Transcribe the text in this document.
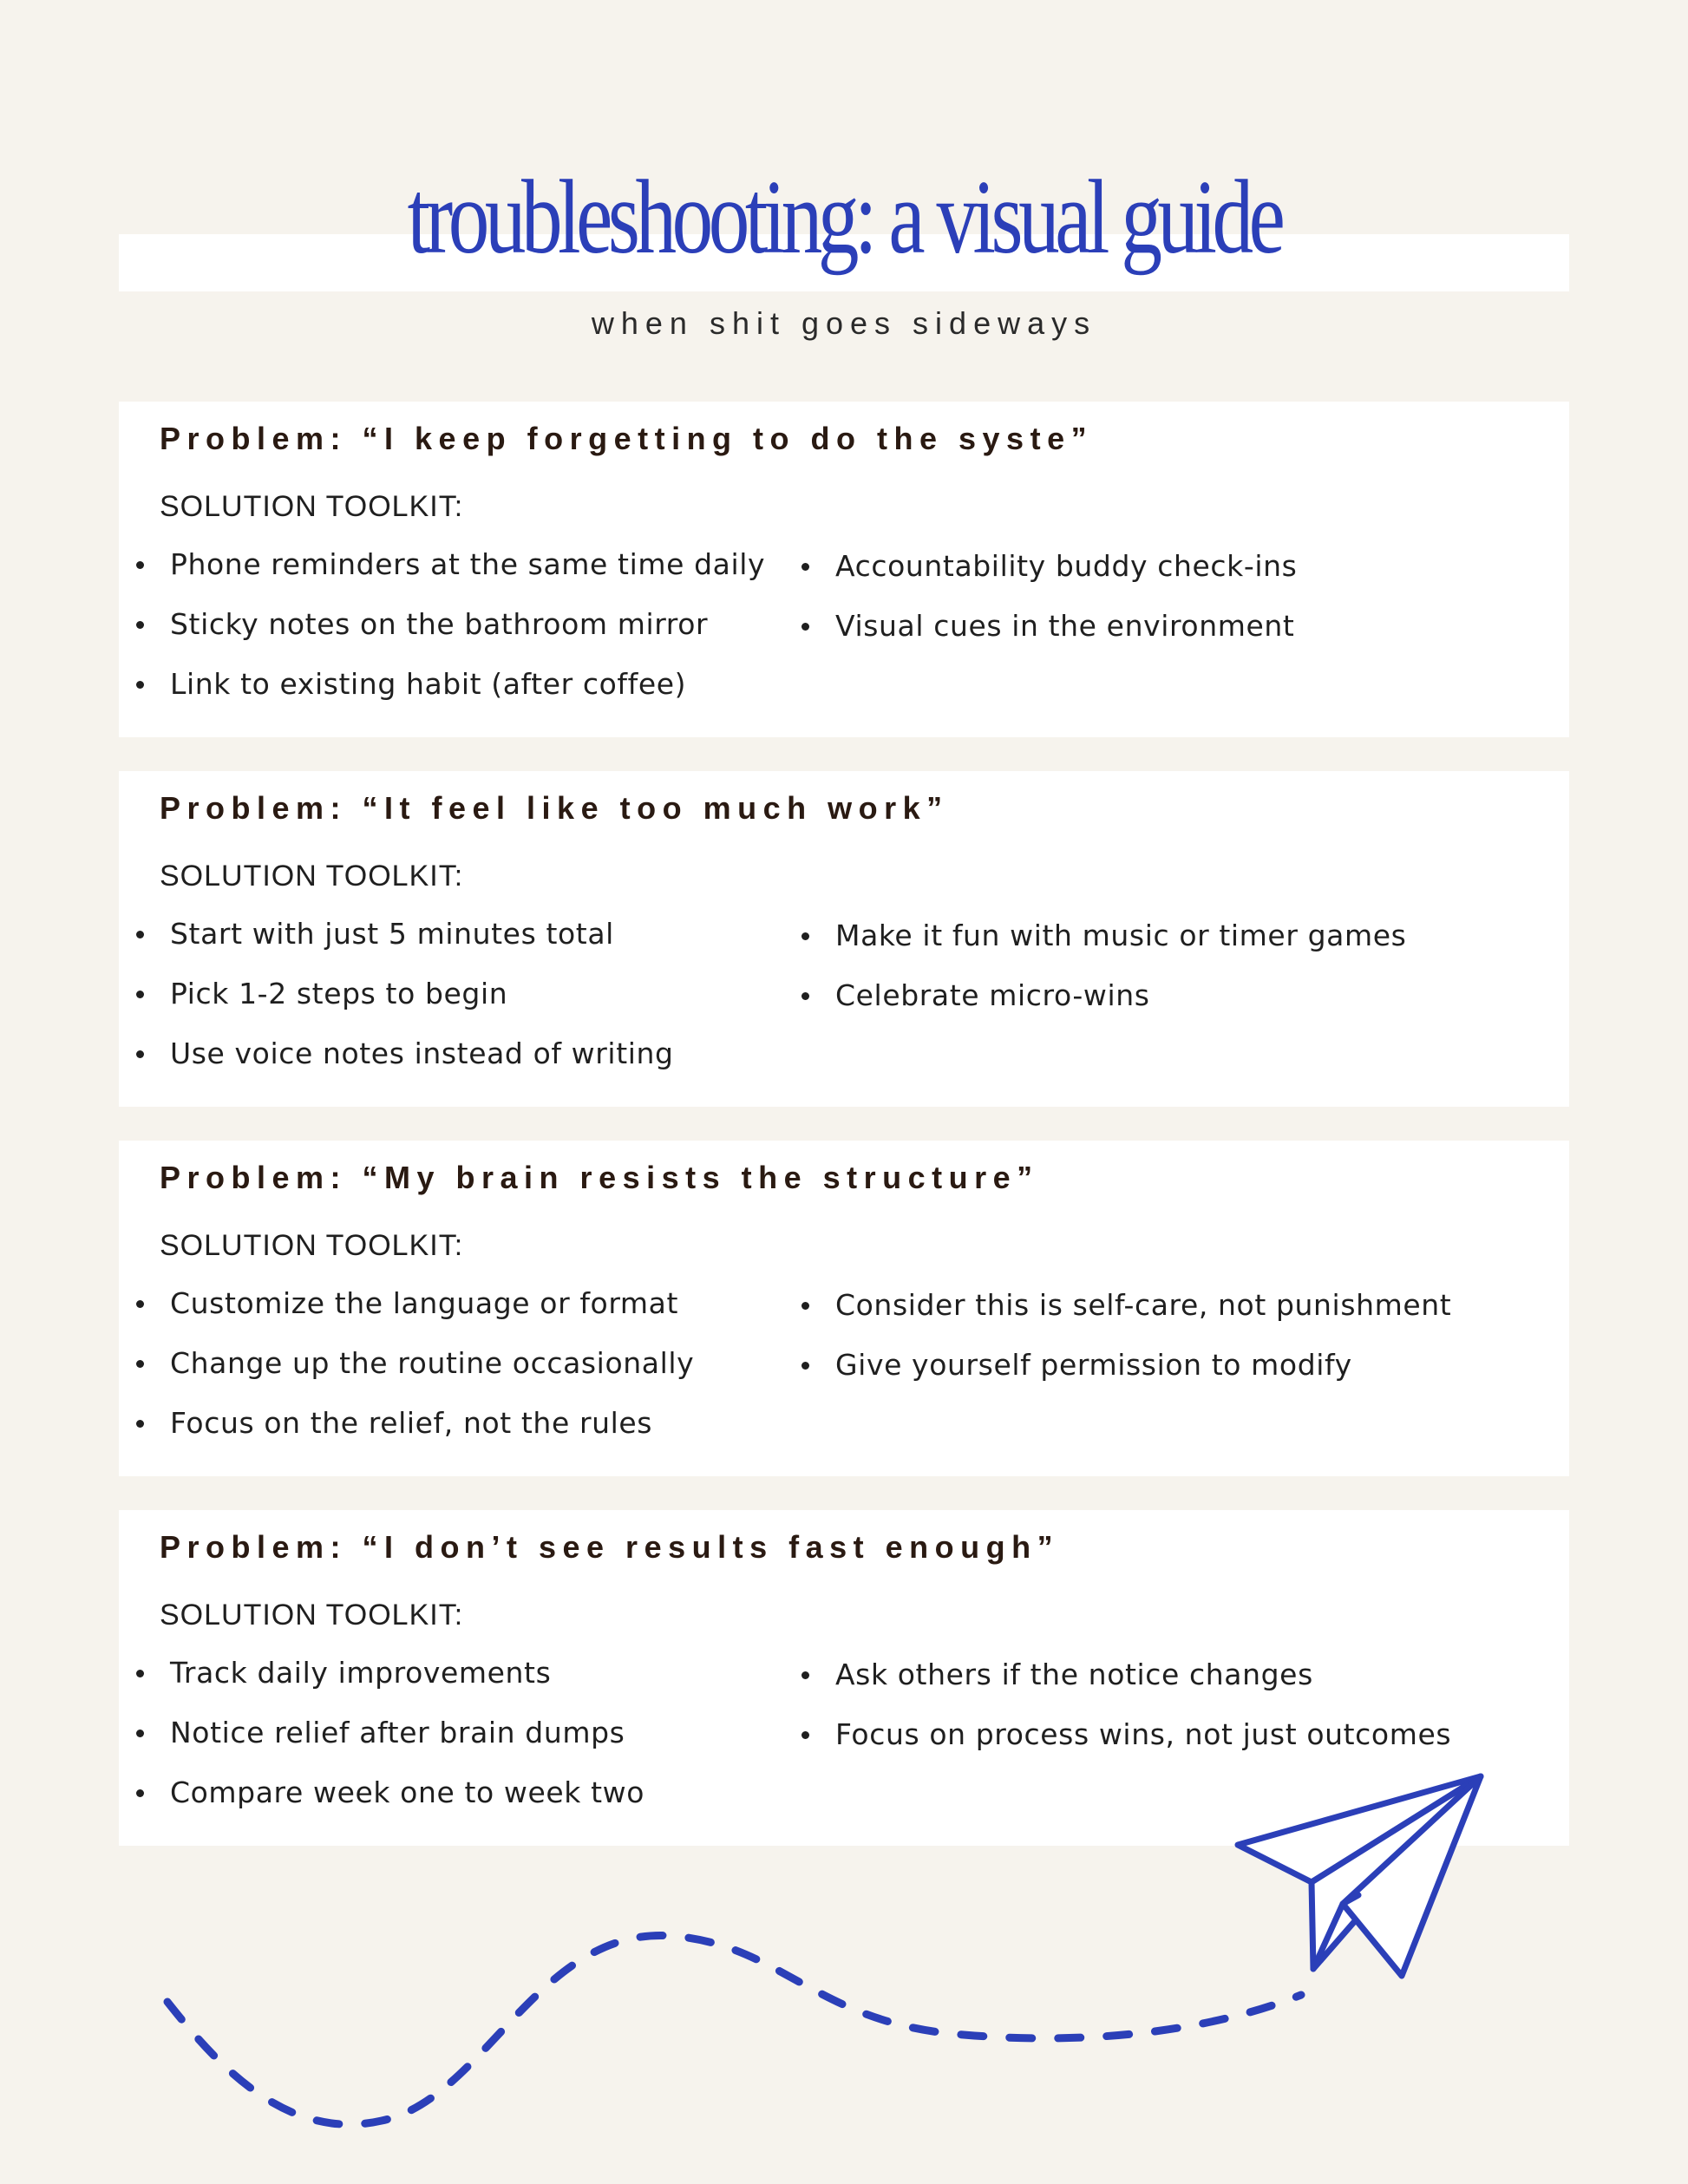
troubleshooting: a visual guide
when shit goes sideways
Problem: “I keep forgetting to do the syste”
SOLUTION TOOLKIT:
Phone reminders at the same time daily
Sticky notes on the bathroom mirror
Link to existing habit (after coffee)
Accountability buddy check-ins
Visual cues in the environment
Problem: “It feel like too much work”
SOLUTION TOOLKIT:
Start with just 5 minutes total
Pick 1-2 steps to begin
Use voice notes instead of writing
Make it fun with music or timer games
Celebrate micro-wins
Problem: “My brain resists the structure”
SOLUTION TOOLKIT:
Customize the language or format
Change up the routine occasionally
Focus on the relief, not the rules
Consider this is self-care, not punishment
Give yourself permission to modify
Problem: “I don’t see results fast enough”
SOLUTION TOOLKIT:
Track daily improvements
Notice relief after brain dumps
Compare week one to week two
Ask others if the notice changes
Focus on process wins, not just outcomes
